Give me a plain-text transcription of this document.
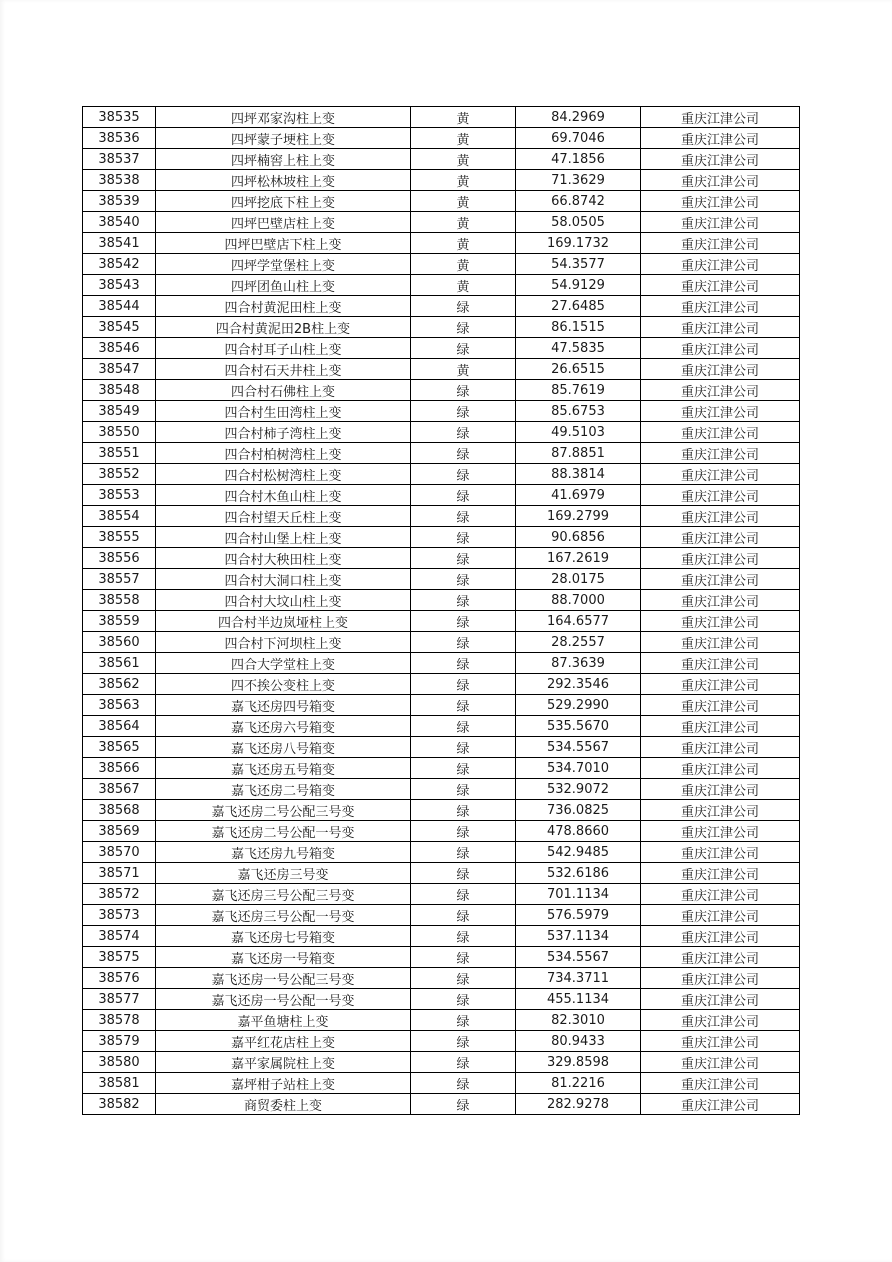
38535	四坪邓家沟柱上变	黄	84.2969	重庆江津公司
38536	四坪蒙子埂柱上变	黄	69.7046	重庆江津公司
38537	四坪楠窖上柱上变	黄	47.1856	重庆江津公司
38538	四坪松林坡柱上变	黄	71.3629	重庆江津公司
38539	四坪挖底下柱上变	黄	66.8742	重庆江津公司
38540	四坪巴壁店柱上变	黄	58.0505	重庆江津公司
38541	四坪巴壁店下柱上变	黄	169.1732	重庆江津公司
38542	四坪学堂堡柱上变	黄	54.3577	重庆江津公司
38543	四坪团鱼山柱上变	黄	54.9129	重庆江津公司
38544	四合村黄泥田柱上变	绿	27.6485	重庆江津公司
38545	四合村黄泥田2B柱上变	绿	86.1515	重庆江津公司
38546	四合村耳子山柱上变	绿	47.5835	重庆江津公司
38547	四合村石天井柱上变	黄	26.6515	重庆江津公司
38548	四合村石佛柱上变	绿	85.7619	重庆江津公司
38549	四合村生田湾柱上变	绿	85.6753	重庆江津公司
38550	四合村柿子湾柱上变	绿	49.5103	重庆江津公司
38551	四合村柏树湾柱上变	绿	87.8851	重庆江津公司
38552	四合村松树湾柱上变	绿	88.3814	重庆江津公司
38553	四合村木鱼山柱上变	绿	41.6979	重庆江津公司
38554	四合村望天丘柱上变	绿	169.2799	重庆江津公司
38555	四合村山堡上柱上变	绿	90.6856	重庆江津公司
38556	四合村大秧田柱上变	绿	167.2619	重庆江津公司
38557	四合村大洞口柱上变	绿	28.0175	重庆江津公司
38558	四合村大坟山柱上变	绿	88.7000	重庆江津公司
38559	四合村半边岚垭柱上变	绿	164.6577	重庆江津公司
38560	四合村下河坝柱上变	绿	28.2557	重庆江津公司
38561	四合大学堂柱上变	绿	87.3639	重庆江津公司
38562	四不挨公变柱上变	绿	292.3546	重庆江津公司
38563	嘉飞还房四号箱变	绿	529.2990	重庆江津公司
38564	嘉飞还房六号箱变	绿	535.5670	重庆江津公司
38565	嘉飞还房八号箱变	绿	534.5567	重庆江津公司
38566	嘉飞还房五号箱变	绿	534.7010	重庆江津公司
38567	嘉飞还房二号箱变	绿	532.9072	重庆江津公司
38568	嘉飞还房二号公配三号变	绿	736.0825	重庆江津公司
38569	嘉飞还房二号公配一号变	绿	478.8660	重庆江津公司
38570	嘉飞还房九号箱变	绿	542.9485	重庆江津公司
38571	嘉飞还房三号变	绿	532.6186	重庆江津公司
38572	嘉飞还房三号公配三号变	绿	701.1134	重庆江津公司
38573	嘉飞还房三号公配一号变	绿	576.5979	重庆江津公司
38574	嘉飞还房七号箱变	绿	537.1134	重庆江津公司
38575	嘉飞还房一号箱变	绿	534.5567	重庆江津公司
38576	嘉飞还房一号公配三号变	绿	734.3711	重庆江津公司
38577	嘉飞还房一号公配一号变	绿	455.1134	重庆江津公司
38578	嘉平鱼塘柱上变	绿	82.3010	重庆江津公司
38579	嘉平红花店柱上变	绿	80.9433	重庆江津公司
38580	嘉平家属院柱上变	绿	329.8598	重庆江津公司
38581	嘉坪柑子站柱上变	绿	81.2216	重庆江津公司
38582	商贸委柱上变	绿	282.9278	重庆江津公司
